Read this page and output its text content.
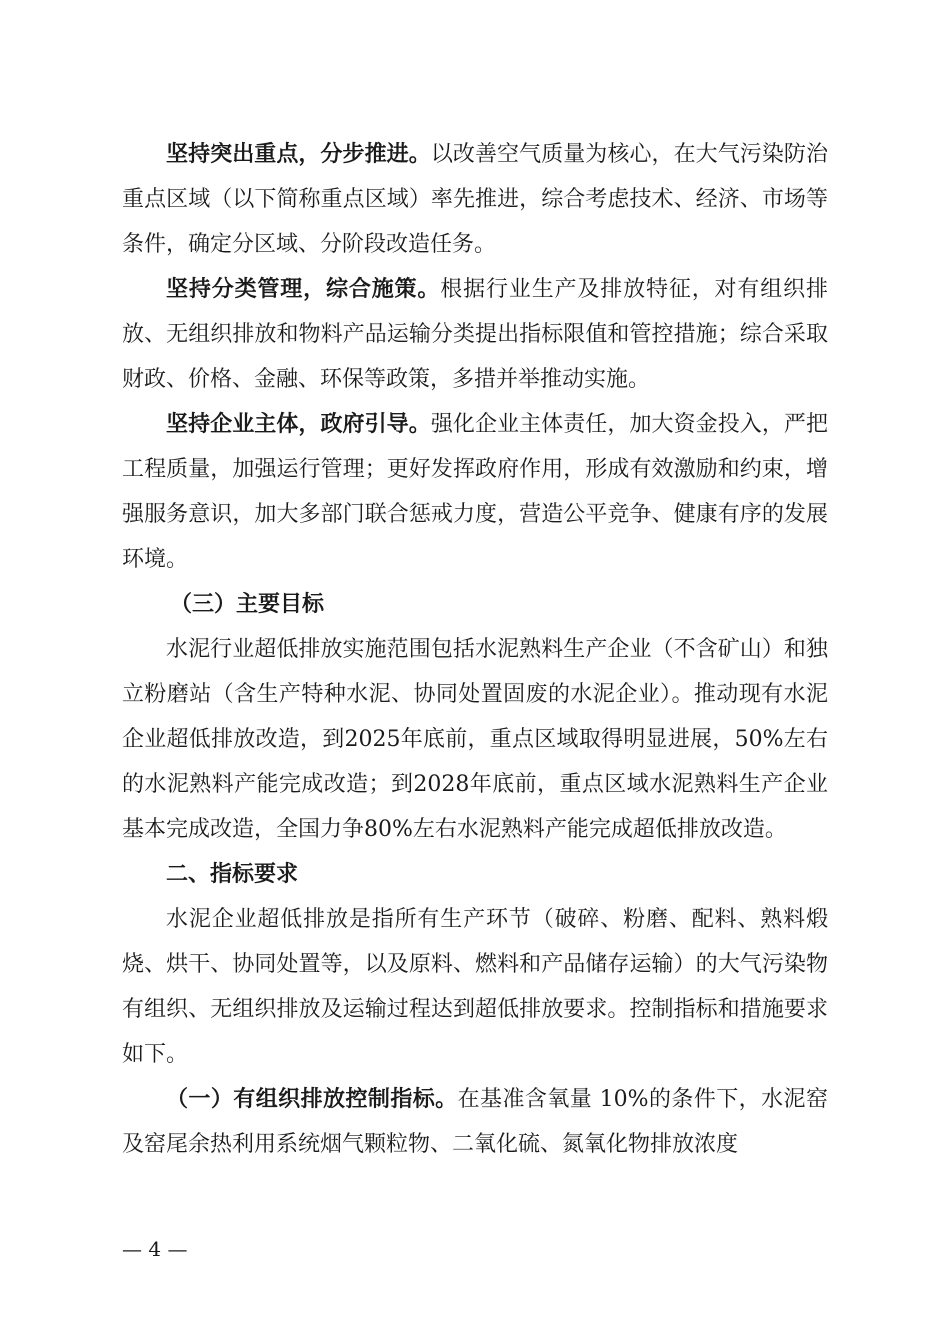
坚持突出重点，分步推进。以改善空气质量为核心，在大气污染防治重点区域（以下简称重点区域）率先推进，综合考虑技术、经济、市场等条件，确定分区域、分阶段改造任务。

坚持分类管理，综合施策。根据行业生产及排放特征，对有组织排放、无组织排放和物料产品运输分类提出指标限值和管控措施；综合采取财政、价格、金融、环保等政策，多措并举推动实施。

坚持企业主体，政府引导。强化企业主体责任，加大资金投入，严把工程质量，加强运行管理；更好发挥政府作用，形成有效激励和约束，增强服务意识，加大多部门联合惩戒力度，营造公平竞争、健康有序的发展环境。

（三）主要目标

水泥行业超低排放实施范围包括水泥熟料生产企业（不含矿山）和独立粉磨站（含生产特种水泥、协同处置固废的水泥企业）。推动现有水泥企业超低排放改造，到2025年底前，重点区域取得明显进展，50%左右的水泥熟料产能完成改造；到2028年底前，重点区域水泥熟料生产企业基本完成改造，全国力争80%左右水泥熟料产能完成超低排放改造。

二、指标要求

水泥企业超低排放是指所有生产环节（破碎、粉磨、配料、熟料煅烧、烘干、协同处置等，以及原料、燃料和产品储存运输）的大气污染物有组织、无组织排放及运输过程达到超低排放要求。控制指标和措施要求如下。

（一）有组织排放控制指标。在基准含氧量 10%的条件下，水泥窑及窑尾余热利用系统烟气颗粒物、二氧化硫、氮氧化物排放浓度

— 4 —
